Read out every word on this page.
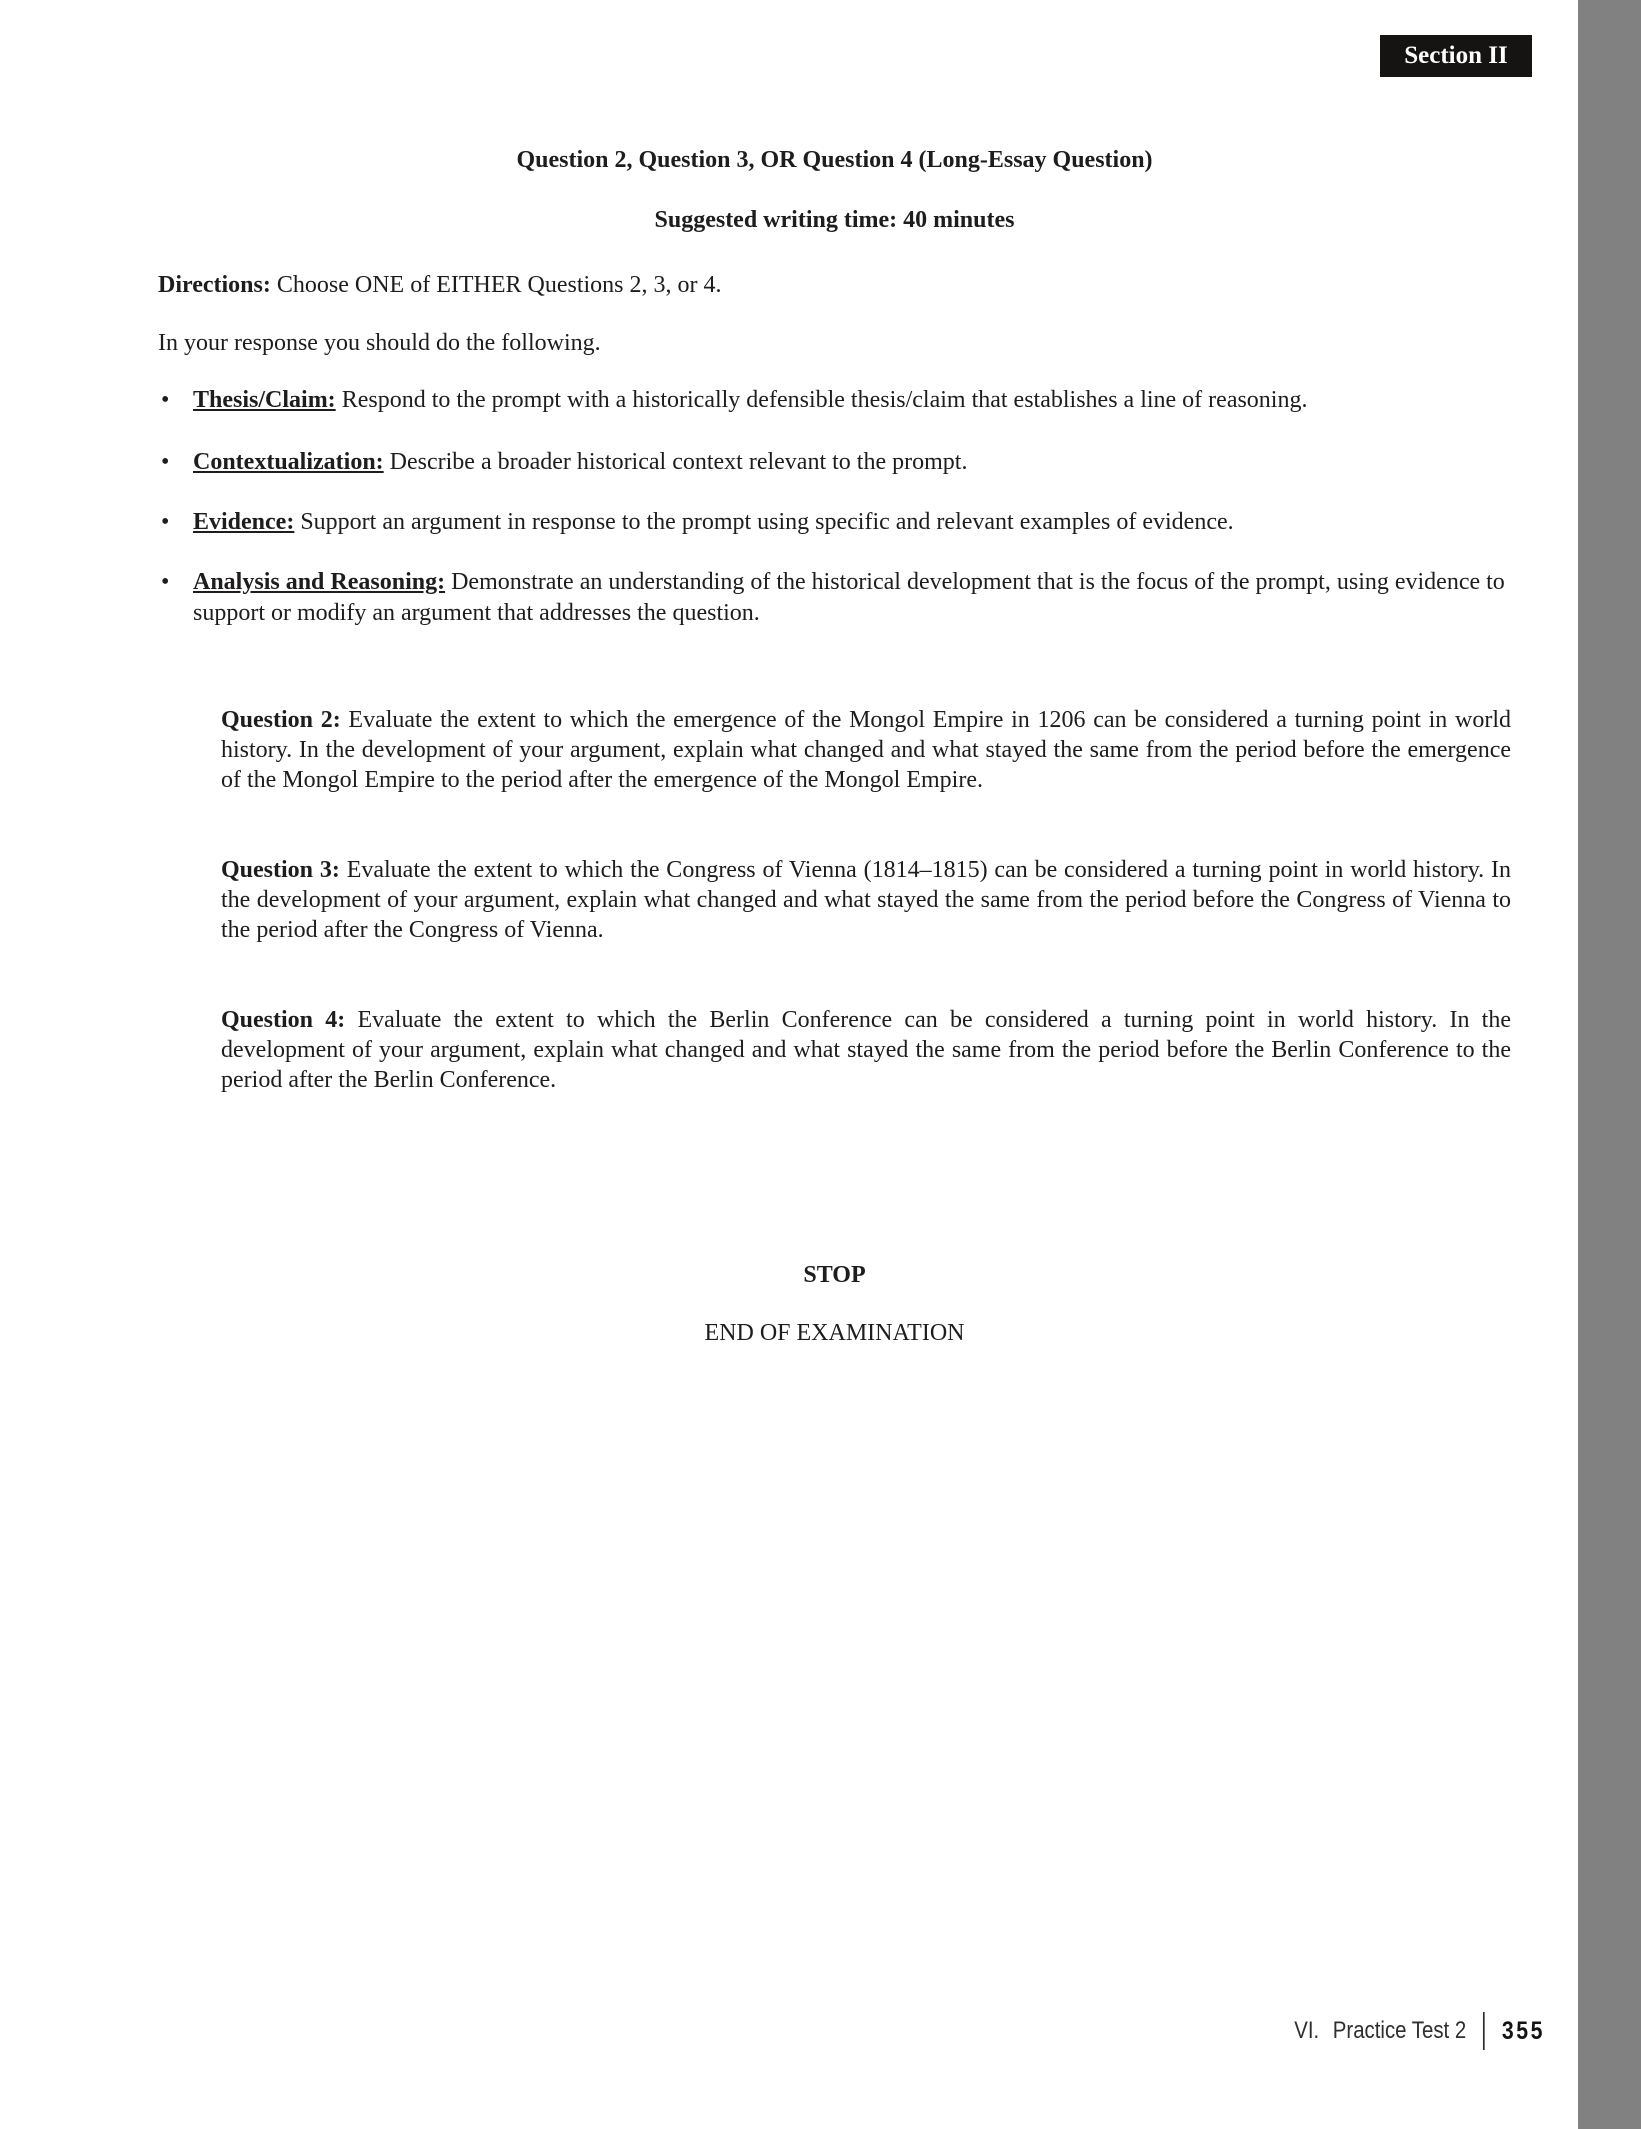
Section II
Question 2, Question 3, OR Question 4 (Long-Essay Question)
Suggested writing time: 40 minutes

Directions: Choose ONE of EITHER Questions 2, 3, or 4.

In your response you should do the following.

• Thesis/Claim: Respond to the prompt with a historically defensible thesis/claim that establishes a line of reasoning.
• Contextualization: Describe a broader historical context relevant to the prompt.
• Evidence: Support an argument in response to the prompt using specific and relevant examples of evidence.
• Analysis and Reasoning: Demonstrate an understanding of the historical development that is the focus of the prompt, using evidence to support or modify an argument that addresses the question.

Question 2: Evaluate the extent to which the emergence of the Mongol Empire in 1206 can be considered a turning point in world history. In the development of your argument, explain what changed and what stayed the same from the period before the emergence of the Mongol Empire to the period after the emergence of the Mongol Empire.

Question 3: Evaluate the extent to which the Congress of Vienna (1814–1815) can be considered a turning point in world history. In the development of your argument, explain what changed and what stayed the same from the period before the Congress of Vienna to the period after the Congress of Vienna.

Question 4: Evaluate the extent to which the Berlin Conference can be considered a turning point in world history. In the development of your argument, explain what changed and what stayed the same from the period before the Berlin Conference to the period after the Berlin Conference.

STOP

END OF EXAMINATION

VI. Practice Test 2 355
